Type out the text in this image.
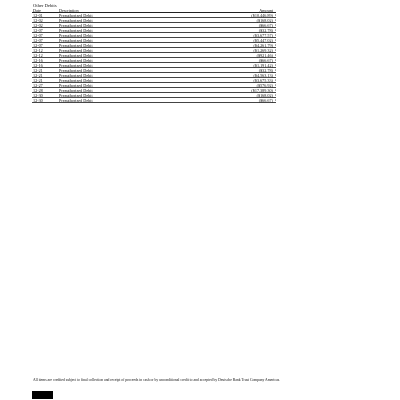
Other Debits
Date	Description	Amount
12-01	Preauthorized Debit	($10,446.89) ı
12-02	Preauthorized Debit	($168.02) ı
12-02	Preauthorized Debit	($66.67) ı
12-07	Preauthorized Debit	($32.78) ı
12-07	Preauthorized Debit	($3,677.57) ı
12-07	Preauthorized Debit	($5,447.02) ı
12-07	Preauthorized Debit	($4,261.79) ı
12-12	Preauthorized Debit	($1,269.32) ı
12-12	Preauthorized Debit	($921.46) ı
12-16	Preauthorized Debit	($66.67) ı
12-16	Preauthorized Debit	($1,191.42) ı
12-21	Preauthorized Debit	($32.78) ı
12-21	Preauthorized Debit	($4,563.13) ı
12-21	Preauthorized Debit	($3,675.33) ı
12-27	Preauthorized Debit	($576.92) ı
12-28	Preauthorized Debit	($17,389.30) ı
12-30	Preauthorized Debit	($168.02) ı
12-30	Preauthorized Debit	($66.67) ı
All items are credited subject to final collection and receipt of proceeds in cash or by unconditional credit to and accepted by Deutsche Bank Trust Company Americas.
